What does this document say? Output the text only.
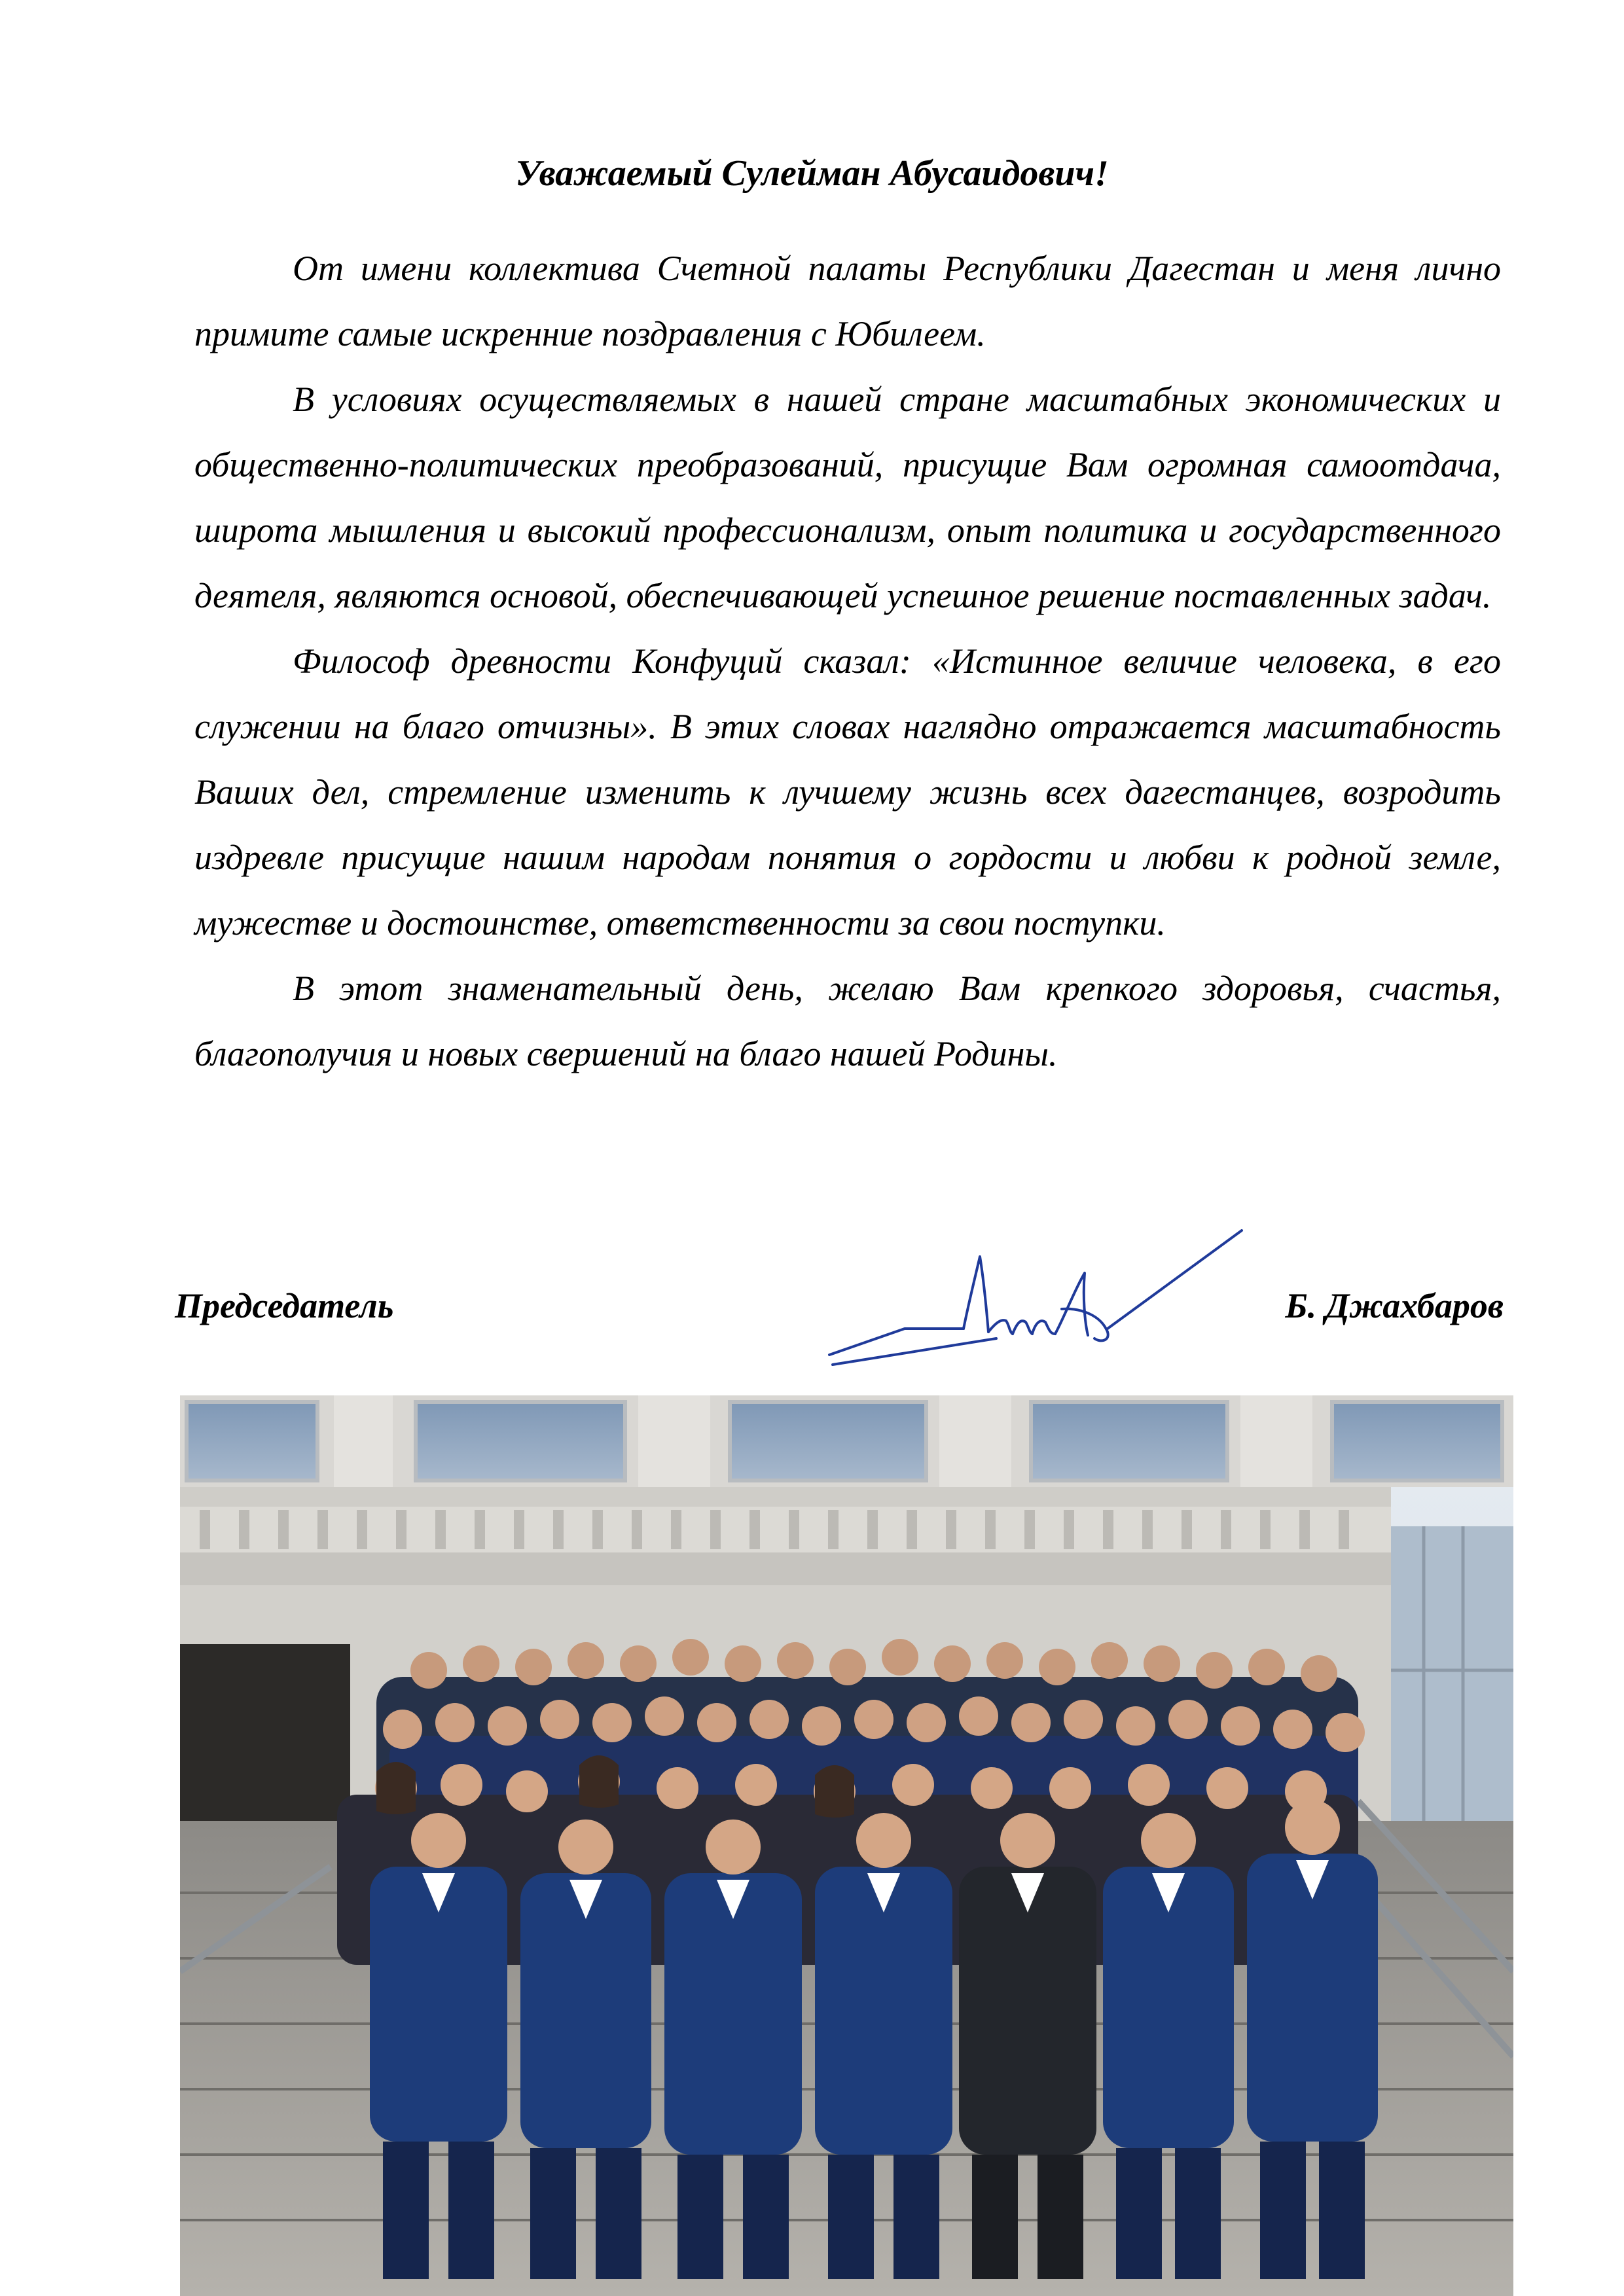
Уважаемый Сулейман Абусаидович!

От имени коллектива Счетной палаты Республики Дагестан и меня лично примите самые искренние поздравления с Юбилеем.

В условиях осуществляемых в нашей стране масштабных экономических и общественно-политических преобразований, присущие Вам огромная самоотдача, широта мышления и высокий профессионализм, опыт политика и государственного деятеля, являются основой, обеспечивающей успешное решение поставленных задач.

Философ древности Конфуций сказал: «Истинное величие человека, в его служении на благо отчизны». В этих словах наглядно отражается масштабность Ваших дел, стремление изменить к лучшему жизнь всех дагестанцев, возродить издревле присущие нашим народам понятия о гордости и любви к родной земле, мужестве и достоинстве, ответственности за свои поступки.

В этот знаменательный день, желаю Вам крепкого здоровья, счастья, благополучия и новых свершений на благо нашей Родины.

Председатель	Б. Джахбаров
